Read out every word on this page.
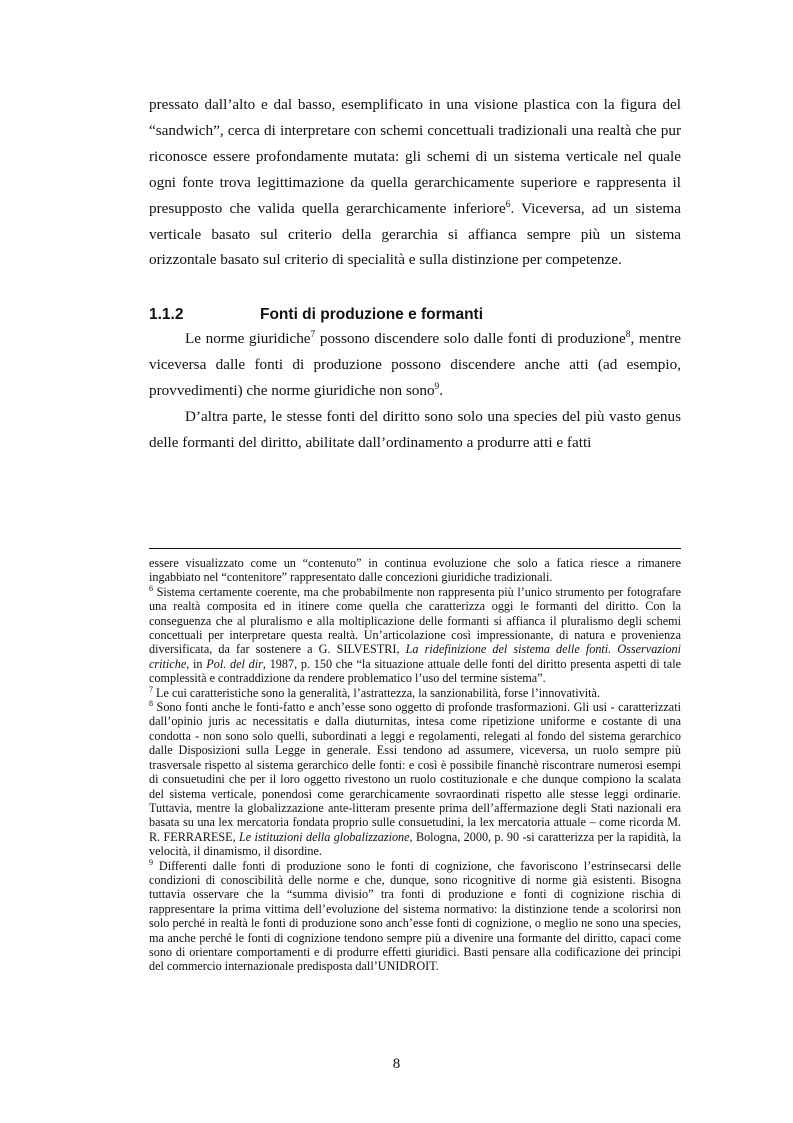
pressato dall’alto e dal basso, esemplificato in una visione plastica con la figura del “sandwich”, cerca di interpretare con schemi concettuali tradizionali una realtà che pur riconosce essere profondamente mutata: gli schemi di un sistema verticale nel quale ogni fonte trova legittimazione da quella gerarchicamente superiore e rappresenta il presupposto che valida quella gerarchicamente inferiore$^6$. Viceversa, ad un sistema verticale basato sul criterio della gerarchia si affianca sempre più un sistema orizzontale basato sul criterio di specialità e sulla distinzione per competenze.

1.1.2	Fonti di produzione e formanti

Le norme giuridiche$^7$ possono discendere solo dalle fonti di produzione$^8$, mentre viceversa dalle fonti di produzione possono discendere anche atti (ad esempio, provvedimenti) che norme giuridiche non sono$^9$.

D’altra parte, le stesse fonti del diritto sono solo una species del più vasto genus delle formanti del diritto, abilitate dall’ordinamento a produrre atti e fatti

essere visualizzato come un “contenuto” in continua evoluzione che solo a fatica riesce a rimanere ingabbiato nel “contenitore” rappresentato dalle concezioni giuridiche tradizionali.

$^6$ Sistema certamente coerente, ma che probabilmente non rappresenta più l’unico strumento per fotografare una realtà composita ed in itinere come quella che caratterizza oggi le formanti del diritto. Con la conseguenza che al pluralismo e alla moltiplicazione delle formanti si affianca il pluralismo degli schemi concettuali per interpretare questa realtà. Un’articolazione così impressionante, di natura e provenienza diversificata, da far sostenere a G. SILVESTRI, La ridefinizione del sistema delle fonti. Osservazioni critiche, in Pol. del dir, 1987, p. 150 che “la situazione attuale delle fonti del diritto presenta aspetti di tale complessità e contraddizione da rendere problematico l’uso del termine sistema”.

$^7$ Le cui caratteristiche sono la generalità, l’astrattezza, la sanzionabilità, forse l’innovatività.

$^8$ Sono fonti anche le fonti-fatto e anch’esse sono oggetto di profonde trasformazioni. Gli usi - caratterizzati dall’opinio juris ac necessitatis e dalla diuturnitas, intesa come ripetizione uniforme e costante di una condotta - non sono solo quelli, subordinati a leggi e regolamenti, relegati al fondo del sistema gerarchico dalle Disposizioni sulla Legge in generale. Essi tendono ad assumere, viceversa, un ruolo sempre più trasversale rispetto al sistema gerarchico delle fonti: e così è possibile financhè riscontrare numerosi esempi di consuetudini che per il loro oggetto rivestono un ruolo costituzionale e che dunque compiono la scalata del sistema verticale, ponendosi come gerarchicamente sovraordinati rispetto alle stesse leggi ordinarie. Tuttavia, mentre la globalizzazione ante-litteram presente prima dell’affermazione degli Stati nazionali era basata su una lex mercatoria fondata proprio sulle consuetudini, la lex mercatoria attuale – come ricorda M. R. FERRARESE, Le istituzioni della globalizzazione, Bologna, 2000, p. 90 -si caratterizza per la rapidità, la velocità, il dinamismo, il disordine.

$^9$ Differenti dalle fonti di produzione sono le fonti di cognizione, che favoriscono l’estrinsecarsi delle condizioni di conoscibilità delle norme e che, dunque, sono ricognitive di norme già esistenti. Bisogna tuttavia osservare che la “summa divisio” tra fonti di produzione e fonti di cognizione rischia di rappresentare la prima vittima dell’evoluzione del sistema normativo: la distinzione tende a scolorirsi non solo perché in realtà le fonti di produzione sono anch’esse fonti di cognizione, o meglio ne sono una species, ma anche perché le fonti di cognizione tendono sempre più a divenire una formante del diritto, capaci come sono di orientare comportamenti e di produrre effetti giuridici. Basti pensare alla codificazione dei principi del commercio internazionale predisposta dall’UNIDROIT.

8
